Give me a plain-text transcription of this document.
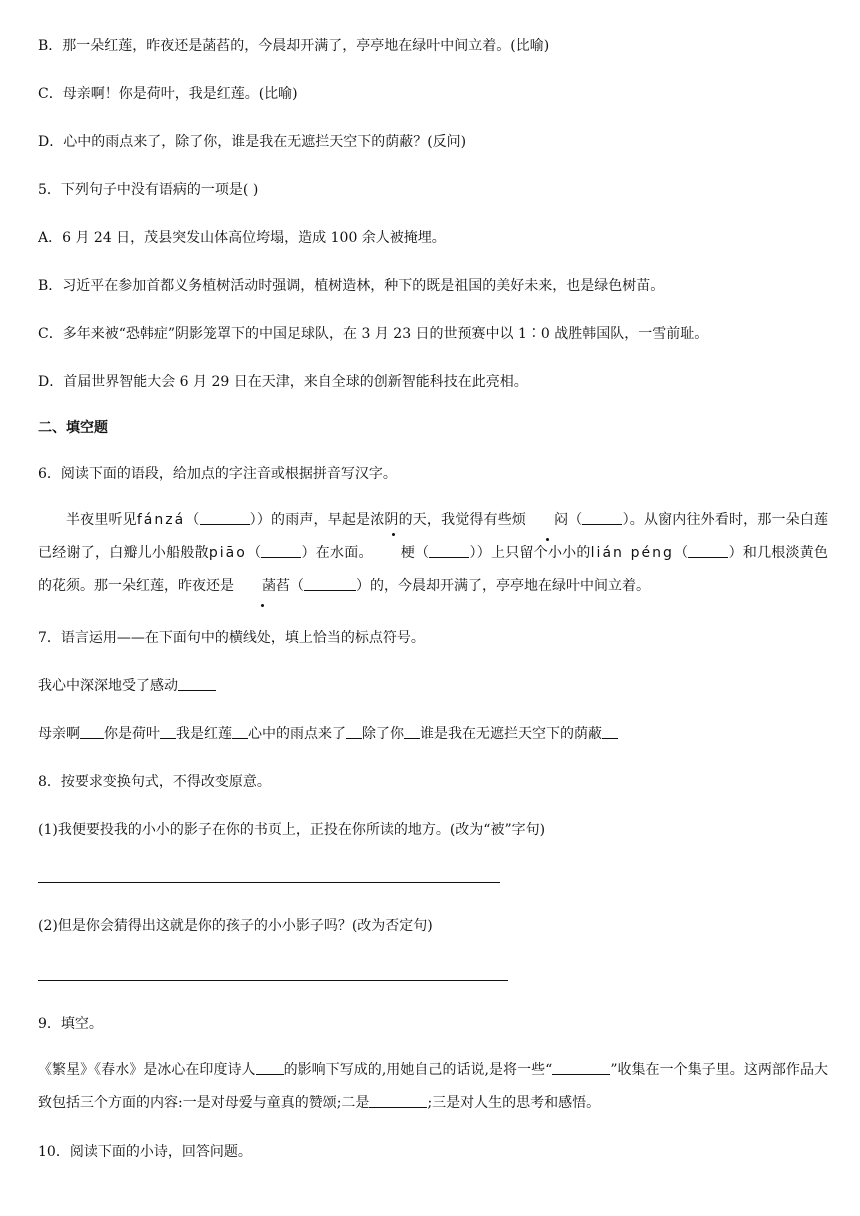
B．那一朵红莲，昨夜还是菡萏的，今晨却开满了，亭亭地在绿叶中间立着。(比喻)
C．母亲啊！你是荷叶，我是红莲。(比喻)
D．心中的雨点来了，除了你，谁是我在无遮拦天空下的荫蔽？(反问)
5．下列句子中没有语病的一项是( )
A．6 月 24 日，茂县突发山体高位垮塌，造成 100 余人被掩埋。
B．习近平在参加首都义务植树活动时强调，植树造林，种下的既是祖国的美好未来，也是绿色树苗。
C．多年来被“恐韩症”阴影笼罩下的中国足球队，在 3 月 23 日的世预赛中以 1∶0 战胜韩国队，一雪前耻。
D．首届世界智能大会 6 月 29 日在天津，来自全球的创新智能科技在此亮相。
二、填空题
6．阅读下面的语段，给加点的字注音或根据拼音写汉字。
半夜里听见fánzá（	））的雨声，早起是浓阴的天，我觉得有些烦 闷（	）。从窗内往外看时，那一朵白莲已经谢了，白瓣儿小船般散piāo（	）在水面。 梗（	））上只留个小小的lián péng（	）和几根淡黄色的花须。那一朵红莲，昨夜还是 菡萏（	）的，今晨却开满了，亭亭地在绿叶中间立着。
7．语言运用——在下面句中的横线处，填上恰当的标点符号。
我心中深深地受了感动
母亲啊 你是荷叶 我是红莲 心中的雨点来了 除了你 谁是我在无遮拦天空下的荫蔽
8．按要求变换句式，不得改变原意。
(1)我便要投我的小小的影子在你的书页上，正投在你所读的地方。(改为“被”字句)
(2)但是你会猜得出这就是你的孩子的小小影子吗？(改为否定句)
9．填空。
《繁星》《春水》是冰心在印度诗人 的影响下写成的,用她自己的话说,是将一些“	”收集在一个集子里。这两部作品大致包括三个方面的内容:一是对母爱与童真的赞颂;二是	;三是对人生的思考和感悟。
10．阅读下面的小诗，回答问题。
